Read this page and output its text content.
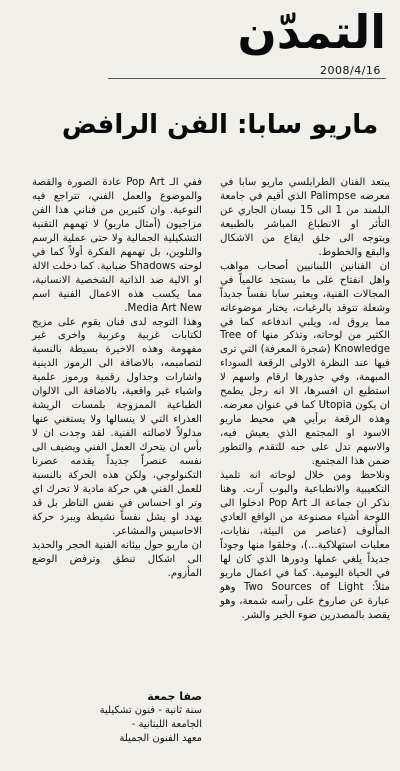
التمدّن
2008/4/16
ماريو سابا: الفن الرافض

يبتعد الفنان الطرابلسي ماريو سابا في معرضه Palimpse الذي أقيم في جامعة البلمند من 1 الى 15 نيسان الجاري عن التأثر او الانطباع المباشر بالطبيعة ويتوجه الى خلق ايقاع من الاشكال والبقع والخطوط.

ان الفنانين اللبنانيين أصحاب مواهب واهل انفتاح على ما يستجد عالمياً في المجالات الفنية، ويعتبر سابا نفساً جديداً وشعلة تتوقد بالرغبات، يختار موضوعاته مما يروق له، ويلبي اندفاعه كما في الكثير من لوحاته، وتذكر منها Tree of Knowledge (شجرة المعرفة) التي ترى فيها عند النظرة الاولى الرقعة السوداء المبهمة، وفي جذورها ارقام واسهم لا استطيع ان افسرها، الا انه رجل يطمح ان يكون Utopia كما في عنوان معرضه. وهذه الرقعة برأيي هي محيط ماريو الاسود او المجتمع الذي يعيش فيه، والاسهم تدل على حبه للتقدم والتطور ضمن هذا المجتمع.

ونلاحظ ومن خلال لوحاته انه تلميذ التكعيبية والانطباعية والبوب آرت. وهنا نذكر ان جماعة الـ Pop Art ادخلوا الى اللوحة أشياء مصنوعة من الواقع العادي المألوف (عناصر من البيئة، نفايات، معلبات استهلاكية...)، وخلقوا منها وجوداً جديداً يلغي عملها ودورها الذي كان لها في الحياة اليومية. كما في اعمال ماريو مثلاً: Two Sources of Light وهو عبارة عن صاروخ على رأسه شمعة، وهو يقصد بالمصدرين ضوء الخير والشر.

ففي الـ Pop Art عادة الصورة والقصة والموضوع والعمل الفني، تتراجع فيه النوعية. وان كثيرين من فناني هذا الفن مزاجيون (أمثال ماريو) لا تهمهم التقنية التشكيلية الجمالية ولا حتى عملية الرسم والتلوين، بل تهمهم الفكرة أولاً كما في لوحته Shadows ضبابية. كما دخلت الالة او الالية ضد الذاتية الشخصية الانسانية، مما يكسب هذه الاعمال الفنية اسم Media Art New.

وهذا التوجه لدى فنان يقوم على مزيج لكتابات غربية وعربية واخرى غير مفهومة وهذه الاخيرة بسيطة بالنسبة لتصاميمه، بالاضافة الى الرموز الدينية واشارات وجداول رقمية ورموز علمية واشياء غير واقعية، بالاضافة الى الالوان الطباعية الممزوجة بلمسات الريشة العذراء التي لا ينسالها ولا يستغني عنها مدلولاً لاصالته الفنية. لقد وجدت ان لا بأس ان يتحرك العمل الفني ويضيف الى نفسه عنصراً جديداً يقدمه عصرنا التكنولوجي، ولكن هذه الحركة بالنسبة للعمل الفني هي حركة مادية لا تحرك اي وتر او احساس في نفس الناظر بل قد يهدد او يشل نفساً نشيطة ويبرد حركة الاحاسيس والمشاعر.

ان ماريو حول بيئانه الفنية الحجر والحديد الى اشكال تنطق وترفض الوضع المأزوم.

صفا جمعة
سنة ثانية - فنون تشكيلية
الجامعة اللبنانية -
معهد الفنون الجميلة
